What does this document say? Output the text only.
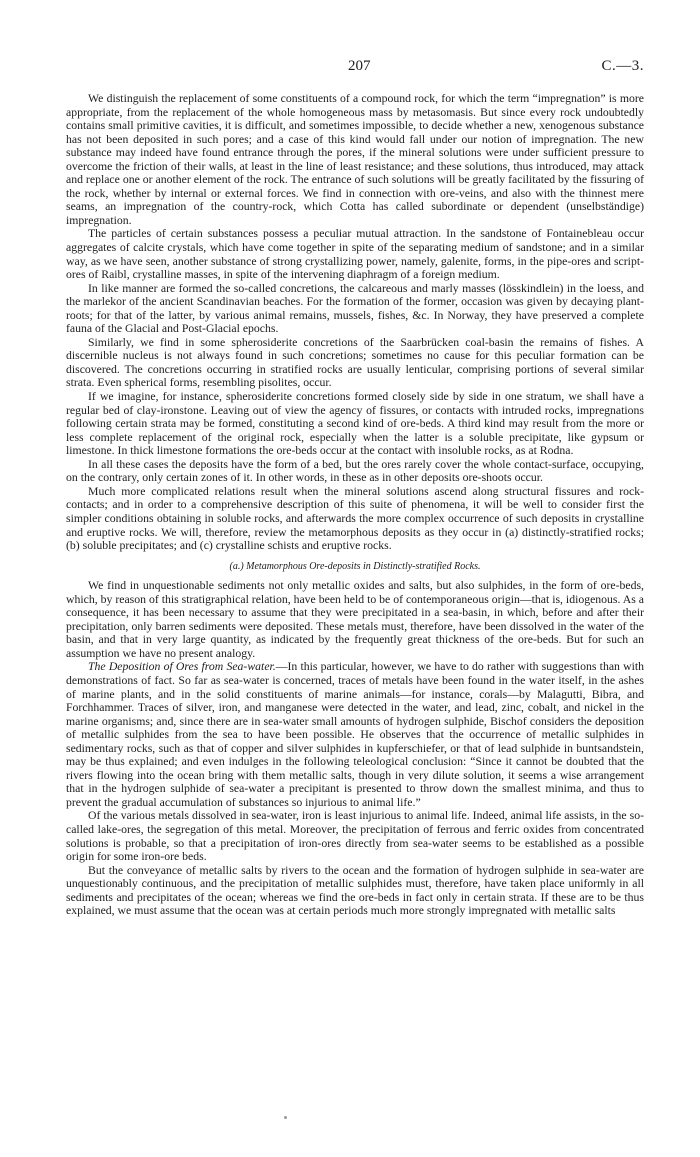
207	C.—3.

We distinguish the replacement of some constituents of a compound rock, for which the term “impregnation” is more appropriate, from the replacement of the whole homogeneous mass by metasomasis. But since every rock undoubtedly contains small primitive cavities, it is difficult, and sometimes impossible, to decide whether a new, xenogenous substance has not been deposited in such pores; and a case of this kind would fall under our notion of impregnation. The new substance may indeed have found entrance through the pores, if the mineral solutions were under sufficient pressure to overcome the friction of their walls, at least in the line of least resistance; and these solutions, thus introduced, may attack and replace one or another element of the rock. The entrance of such solutions will be greatly facilitated by the fissuring of the rock, whether by internal or external forces. We find in connection with ore-veins, and also with the thinnest mere seams, an impregnation of the country-rock, which Cotta has called subordinate or dependent (unselbständige) impregnation.

The particles of certain substances possess a peculiar mutual attraction. In the sandstone of Fontainebleau occur aggregates of calcite crystals, which have come together in spite of the separating medium of sandstone; and in a similar way, as we have seen, another substance of strong crystallizing power, namely, galenite, forms, in the pipe-ores and script-ores of Raibl, crystalline masses, in spite of the intervening diaphragm of a foreign medium.

In like manner are formed the so-called concretions, the calcareous and marly masses (lösskindlein) in the loess, and the marlekor of the ancient Scandinavian beaches. For the formation of the former, occasion was given by decaying plant-roots; for that of the latter, by various animal remains, mussels, fishes, &c. In Norway, they have preserved a complete fauna of the Glacial and Post-Glacial epochs.

Similarly, we find in some spherosiderite concretions of the Saarbrücken coal-basin the remains of fishes. A discernible nucleus is not always found in such concretions; sometimes no cause for this peculiar formation can be discovered. The concretions occurring in stratified rocks are usually lenticular, comprising portions of several similar strata. Even spherical forms, resembling pisolites, occur.

If we imagine, for instance, spherosiderite concretions formed closely side by side in one stratum, we shall have a regular bed of clay-ironstone. Leaving out of view the agency of fissures, or contacts with intruded rocks, impregnations following certain strata may be formed, constituting a second kind of ore-beds. A third kind may result from the more or less complete replacement of the original rock, especially when the latter is a soluble precipitate, like gypsum or limestone. In thick limestone formations the ore-beds occur at the contact with insoluble rocks, as at Rodna.

In all these cases the deposits have the form of a bed, but the ores rarely cover the whole contact-surface, occupying, on the contrary, only certain zones of it. In other words, in these as in other deposits ore-shoots occur.

Much more complicated relations result when the mineral solutions ascend along structural fissures and rock-contacts; and in order to a comprehensive description of this suite of phenomena, it will be well to consider first the simpler conditions obtaining in soluble rocks, and afterwards the more complex occurrence of such deposits in crystalline and eruptive rocks. We will, therefore, review the metamorphous deposits as they occur in (a) distinctly-stratified rocks; (b) soluble precipitates; and (c) crystalline schists and eruptive rocks.

(a.) Metamorphous Ore-deposits in Distinctly-stratified Rocks.

We find in unquestionable sediments not only metallic oxides and salts, but also sulphides, in the form of ore-beds, which, by reason of this stratigraphical relation, have been held to be of contemporaneous origin—that is, idiogenous. As a consequence, it has been necessary to assume that they were precipitated in a sea-basin, in which, before and after their precipitation, only barren sediments were deposited. These metals must, therefore, have been dissolved in the water of the basin, and that in very large quantity, as indicated by the frequently great thickness of the ore-beds. But for such an assumption we have no present analogy.

The Deposition of Ores from Sea-water.—In this particular, however, we have to do rather with suggestions than with demonstrations of fact. So far as sea-water is concerned, traces of metals have been found in the water itself, in the ashes of marine plants, and in the solid constituents of marine animals—for instance, corals—by Malagutti, Bibra, and Forchhammer. Traces of silver, iron, and manganese were detected in the water, and lead, zinc, cobalt, and nickel in the marine organisms; and, since there are in sea-water small amounts of hydrogen sulphide, Bischof considers the deposition of metallic sulphides from the sea to have been possible. He observes that the occurrence of metallic sulphides in sedimentary rocks, such as that of copper and silver sulphides in kupferschiefer, or that of lead sulphide in buntsandstein, may be thus explained; and even indulges in the following teleological conclusion: “Since it cannot be doubted that the rivers flowing into the ocean bring with them metallic salts, though in very dilute solution, it seems a wise arrangement that in the hydrogen sulphide of sea-water a precipitant is presented to throw down the smallest minima, and thus to prevent the gradual accumulation of substances so injurious to animal life.”

Of the various metals dissolved in sea-water, iron is least injurious to animal life. Indeed, animal life assists, in the so-called lake-ores, the segregation of this metal. Moreover, the precipitation of ferrous and ferric oxides from concentrated solutions is probable, so that a precipitation of iron-ores directly from sea-water seems to be established as a possible origin for some iron-ore beds.

But the conveyance of metallic salts by rivers to the ocean and the formation of hydrogen sulphide in sea-water are unquestionably continuous, and the precipitation of metallic sulphides must, therefore, have taken place uniformly in all sediments and precipitates of the ocean; whereas we find the ore-beds in fact only in certain strata. If these are to be thus explained, we must assume that the ocean was at certain periods much more strongly impregnated with metallic salts
